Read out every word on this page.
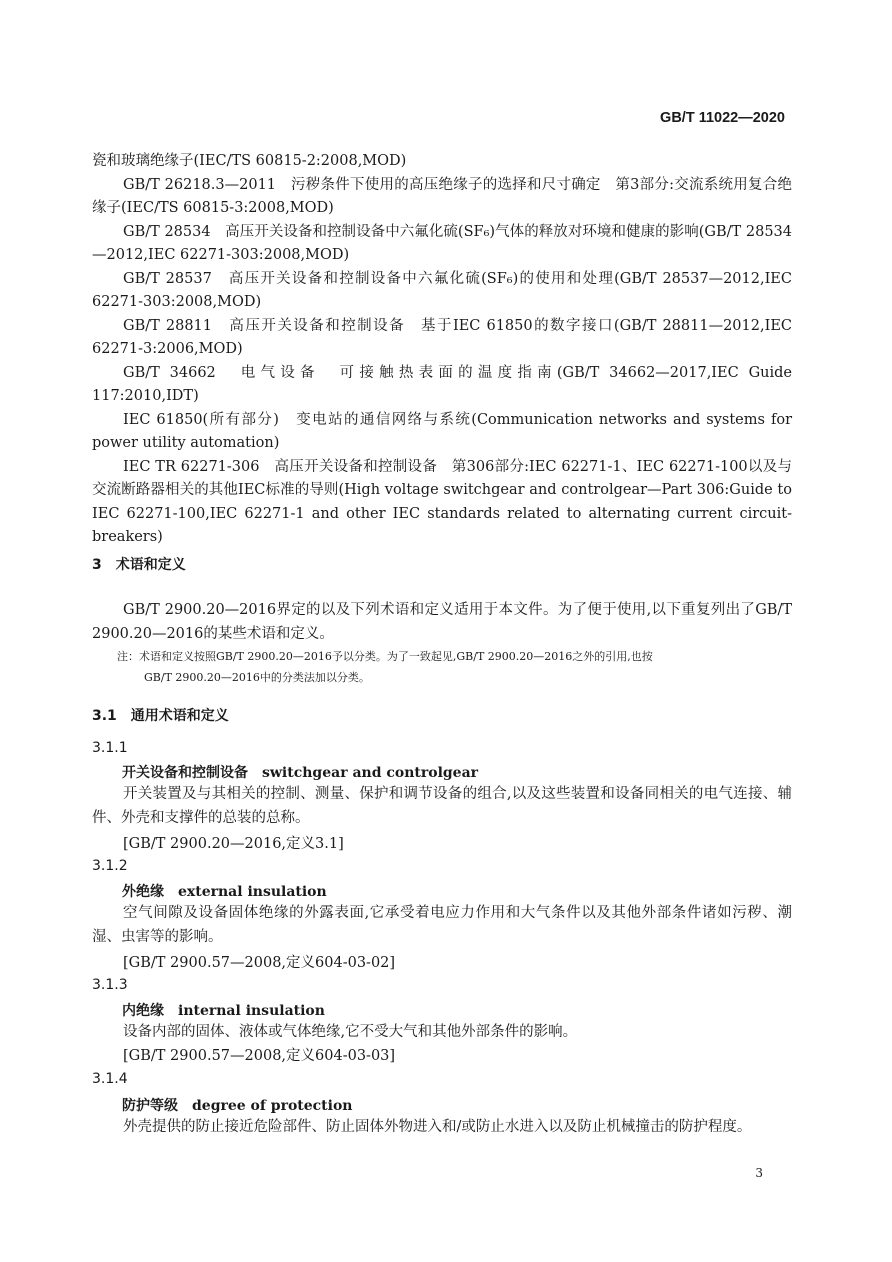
GB/T 11022—2020

瓷和玻璃绝缘子(IEC/TS 60815-2:2008,MOD)

GB/T 26218.3—2011　污秽条件下使用的高压绝缘子的选择和尺寸确定　第3部分:交流系统用复合绝缘子(IEC/TS 60815-3:2008,MOD)

GB/T 28534　高压开关设备和控制设备中六氟化硫(SF₆)气体的释放对环境和健康的影响(GB/T 28534—2012,IEC 62271-303:2008,MOD)

GB/T 28537　高压开关设备和控制设备中六氟化硫(SF₆)的使用和处理(GB/T 28537—2012,IEC 62271-303:2008,MOD)

GB/T 28811　高压开关设备和控制设备　基于IEC 61850的数字接口(GB/T 28811—2012,IEC 62271-3:2006,MOD)

GB/T 34662　电气设备　可接触热表面的温度指南(GB/T 34662—2017,IEC Guide 117:2010,IDT)

IEC 61850(所有部分)　变电站的通信网络与系统(Communication networks and systems for power utility automation)

IEC TR 62271-306　高压开关设备和控制设备　第306部分:IEC 62271-1、IEC 62271-100以及与交流断路器相关的其他IEC标准的导则(High voltage switchgear and controlgear—Part 306:Guide to IEC 62271-100,IEC 62271-1 and other IEC standards related to alternating current circuit-breakers)

3　术语和定义
GB/T 2900.20—2016界定的以及下列术语和定义适用于本文件。为了便于使用,以下重复列出了GB/T 2900.20—2016的某些术语和定义。
注：术语和定义按照GB/T 2900.20—2016予以分类。为了一致起见,GB/T 2900.20—2016之外的引用,也按
GB/T 2900.20—2016中的分类法加以分类。
3.1　通用术语和定义
3.1.1
开关设备和控制设备 switchgear and controlgear
开关装置及与其相关的控制、测量、保护和调节设备的组合,以及这些装置和设备同相关的电气连接、辅件、外壳和支撑件的总装的总称。
[GB/T 2900.20—2016,定义3.1]
3.1.2
外绝缘 external insulation
空气间隙及设备固体绝缘的外露表面,它承受着电应力作用和大气条件以及其他外部条件诸如污秽、潮湿、虫害等的影响。
[GB/T 2900.57—2008,定义604-03-02]
3.1.3
内绝缘 internal insulation
设备内部的固体、液体或气体绝缘,它不受大气和其他外部条件的影响。
[GB/T 2900.57—2008,定义604-03-03]
3.1.4
防护等级 degree of protection
外壳提供的防止接近危险部件、防止固体外物进入和/或防止水进入以及防止机械撞击的防护程度。
3
